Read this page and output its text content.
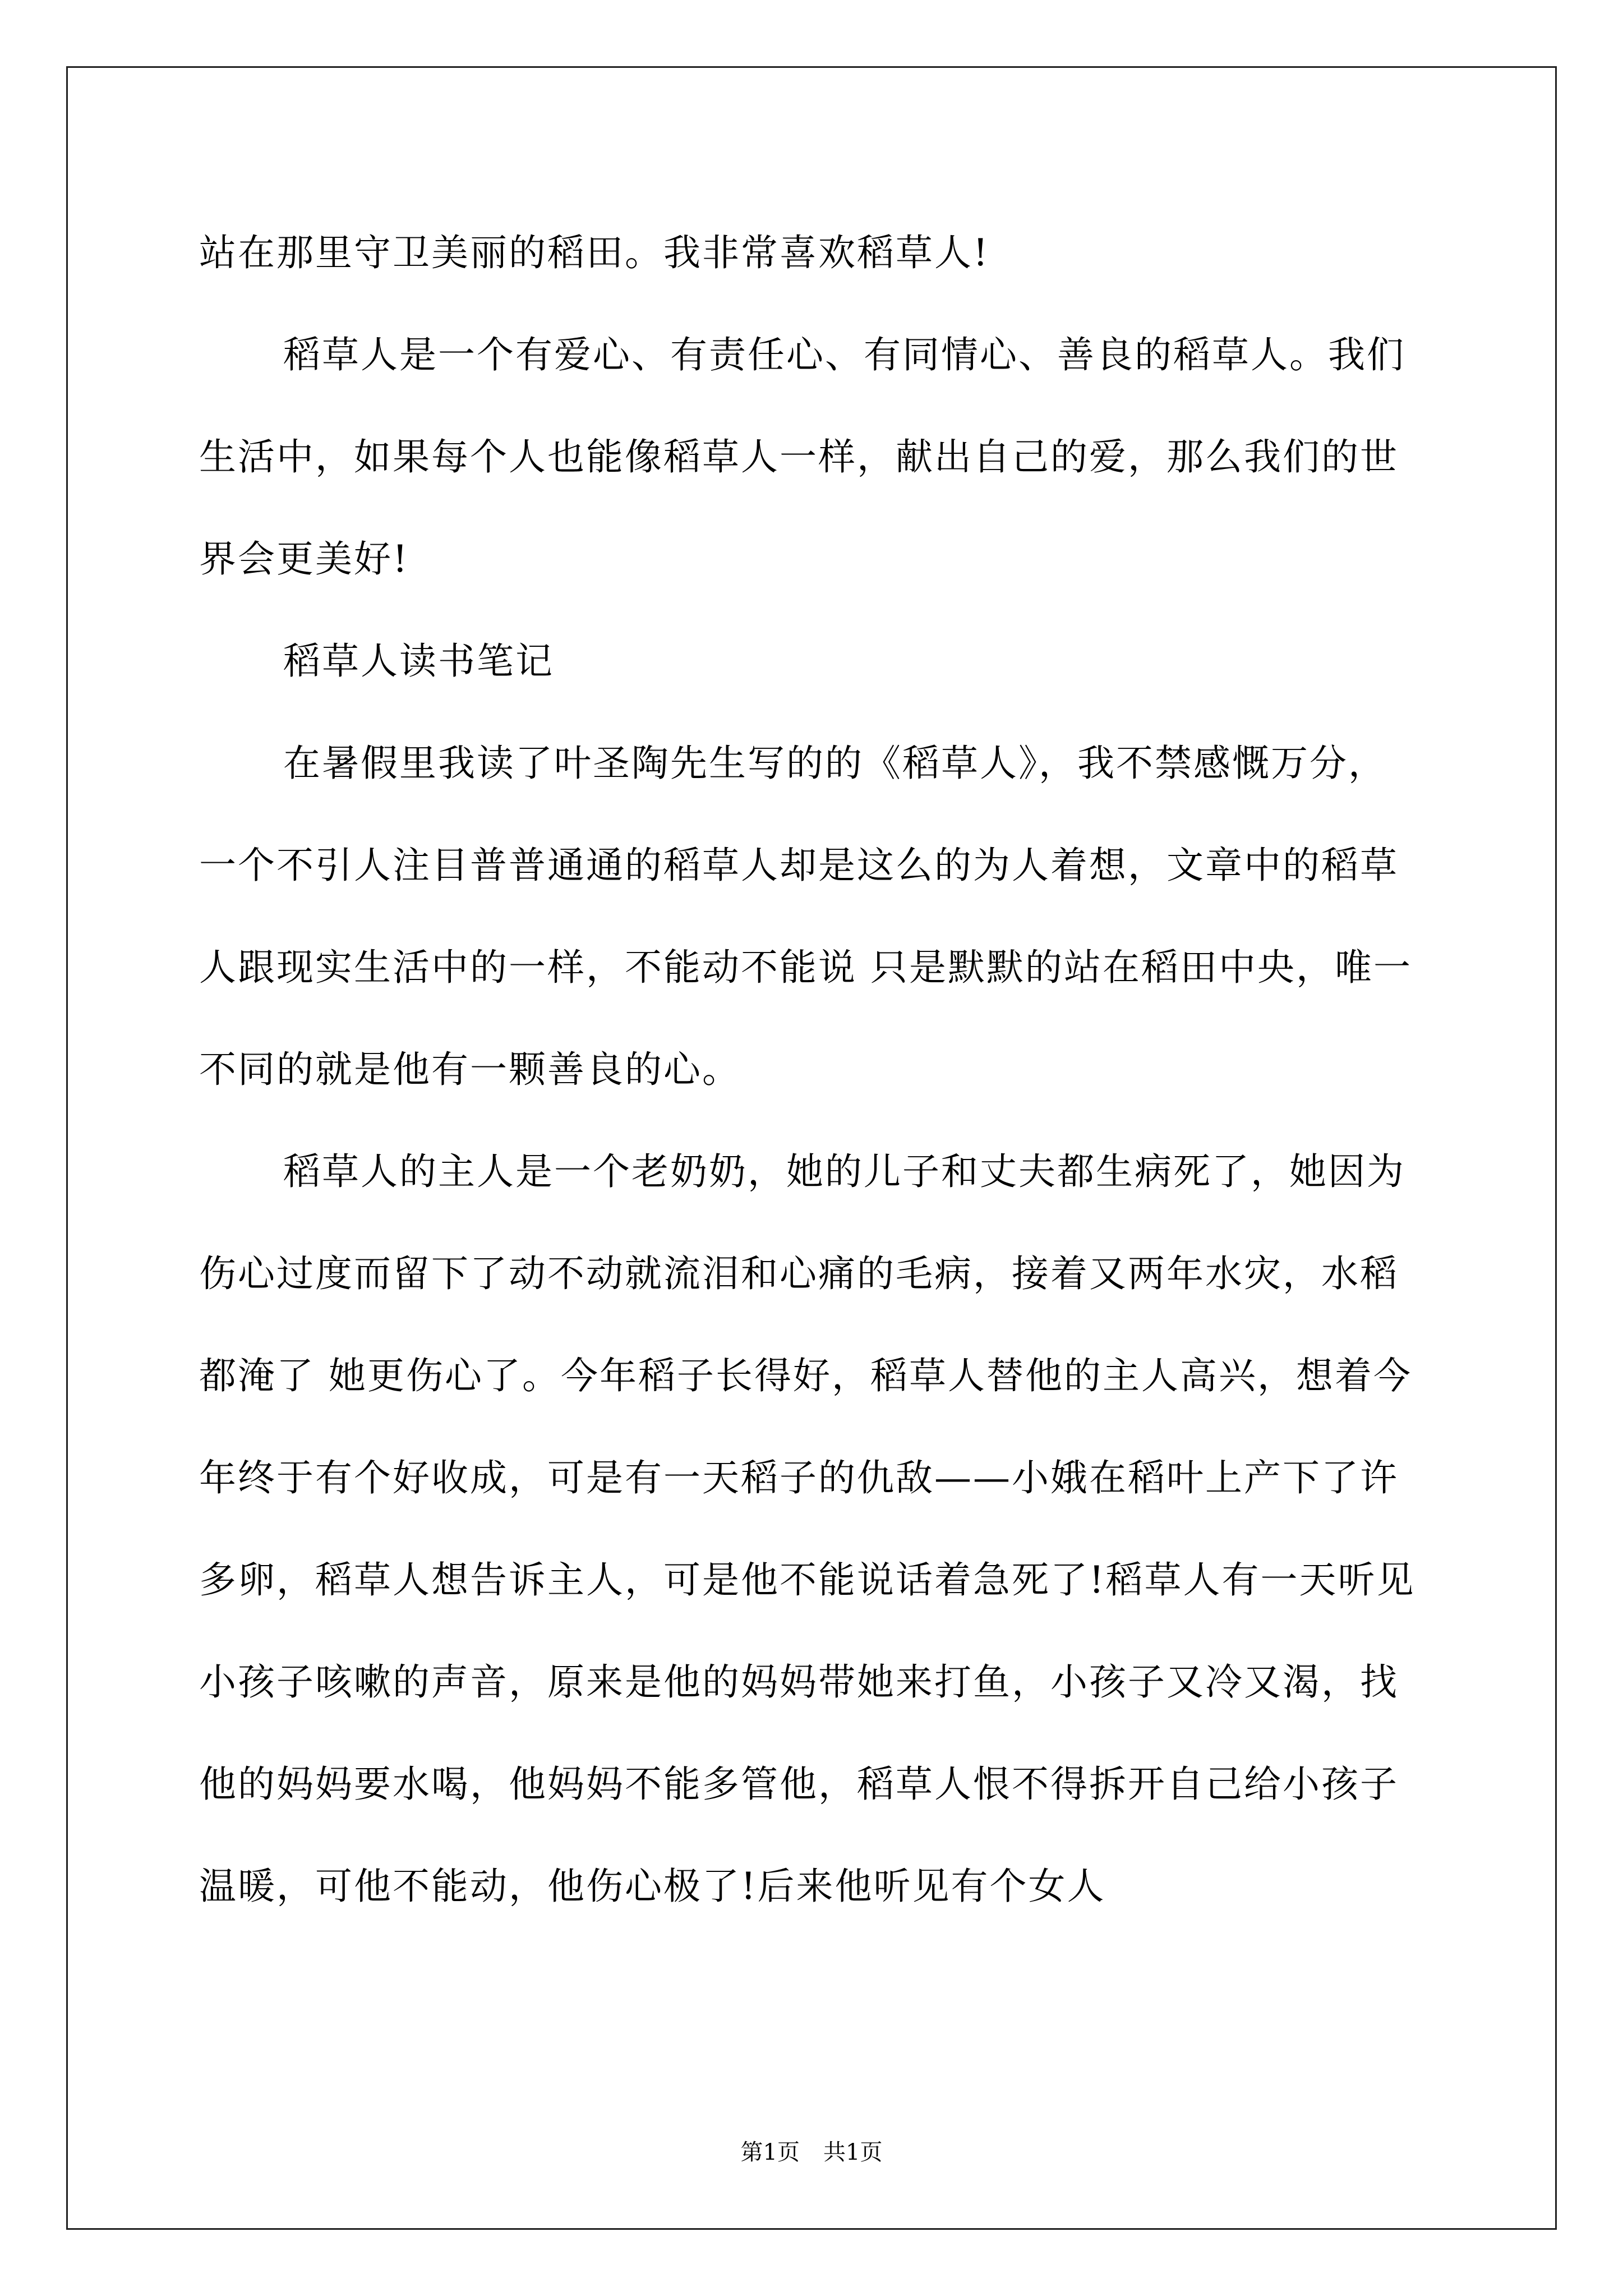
站在那里守卫美丽的稻田。我非常喜欢稻草人!

稻草人是一个有爱心、有责任心、有同情心、善良的稻草人。我们生活中，如果每个人也能像稻草人一样，献出自己的爱，那么我们的世界会更美好!

稻草人读书笔记

在暑假里我读了叶圣陶先生写的的《稻草人》，我不禁感慨万分，一个不引人注目普普通通的稻草人却是这么的为人着想，文章中的稻草人跟现实生活中的一样，不能动不能说 只是默默的站在稻田中央，唯一不同的就是他有一颗善良的心。

稻草人的主人是一个老奶奶，她的儿子和丈夫都生病死了，她因为伤心过度而留下了动不动就流泪和心痛的毛病，接着又两年水灾，水稻都淹了 她更伤心了。今年稻子长得好，稻草人替他的主人高兴，想着今年终于有个好收成，可是有一天稻子的仇敌——小娥在稻叶上产下了许多卵，稻草人想告诉主人，可是他不能说话着急死了!稻草人有一天听见小孩子咳嗽的声音，原来是他的妈妈带她来打鱼，小孩子又冷又渴，找他的妈妈要水喝，他妈妈不能多管他，稻草人恨不得拆开自己给小孩子温暖，可他不能动，他伤心极了!后来他听见有个女人

第1页 共1页
